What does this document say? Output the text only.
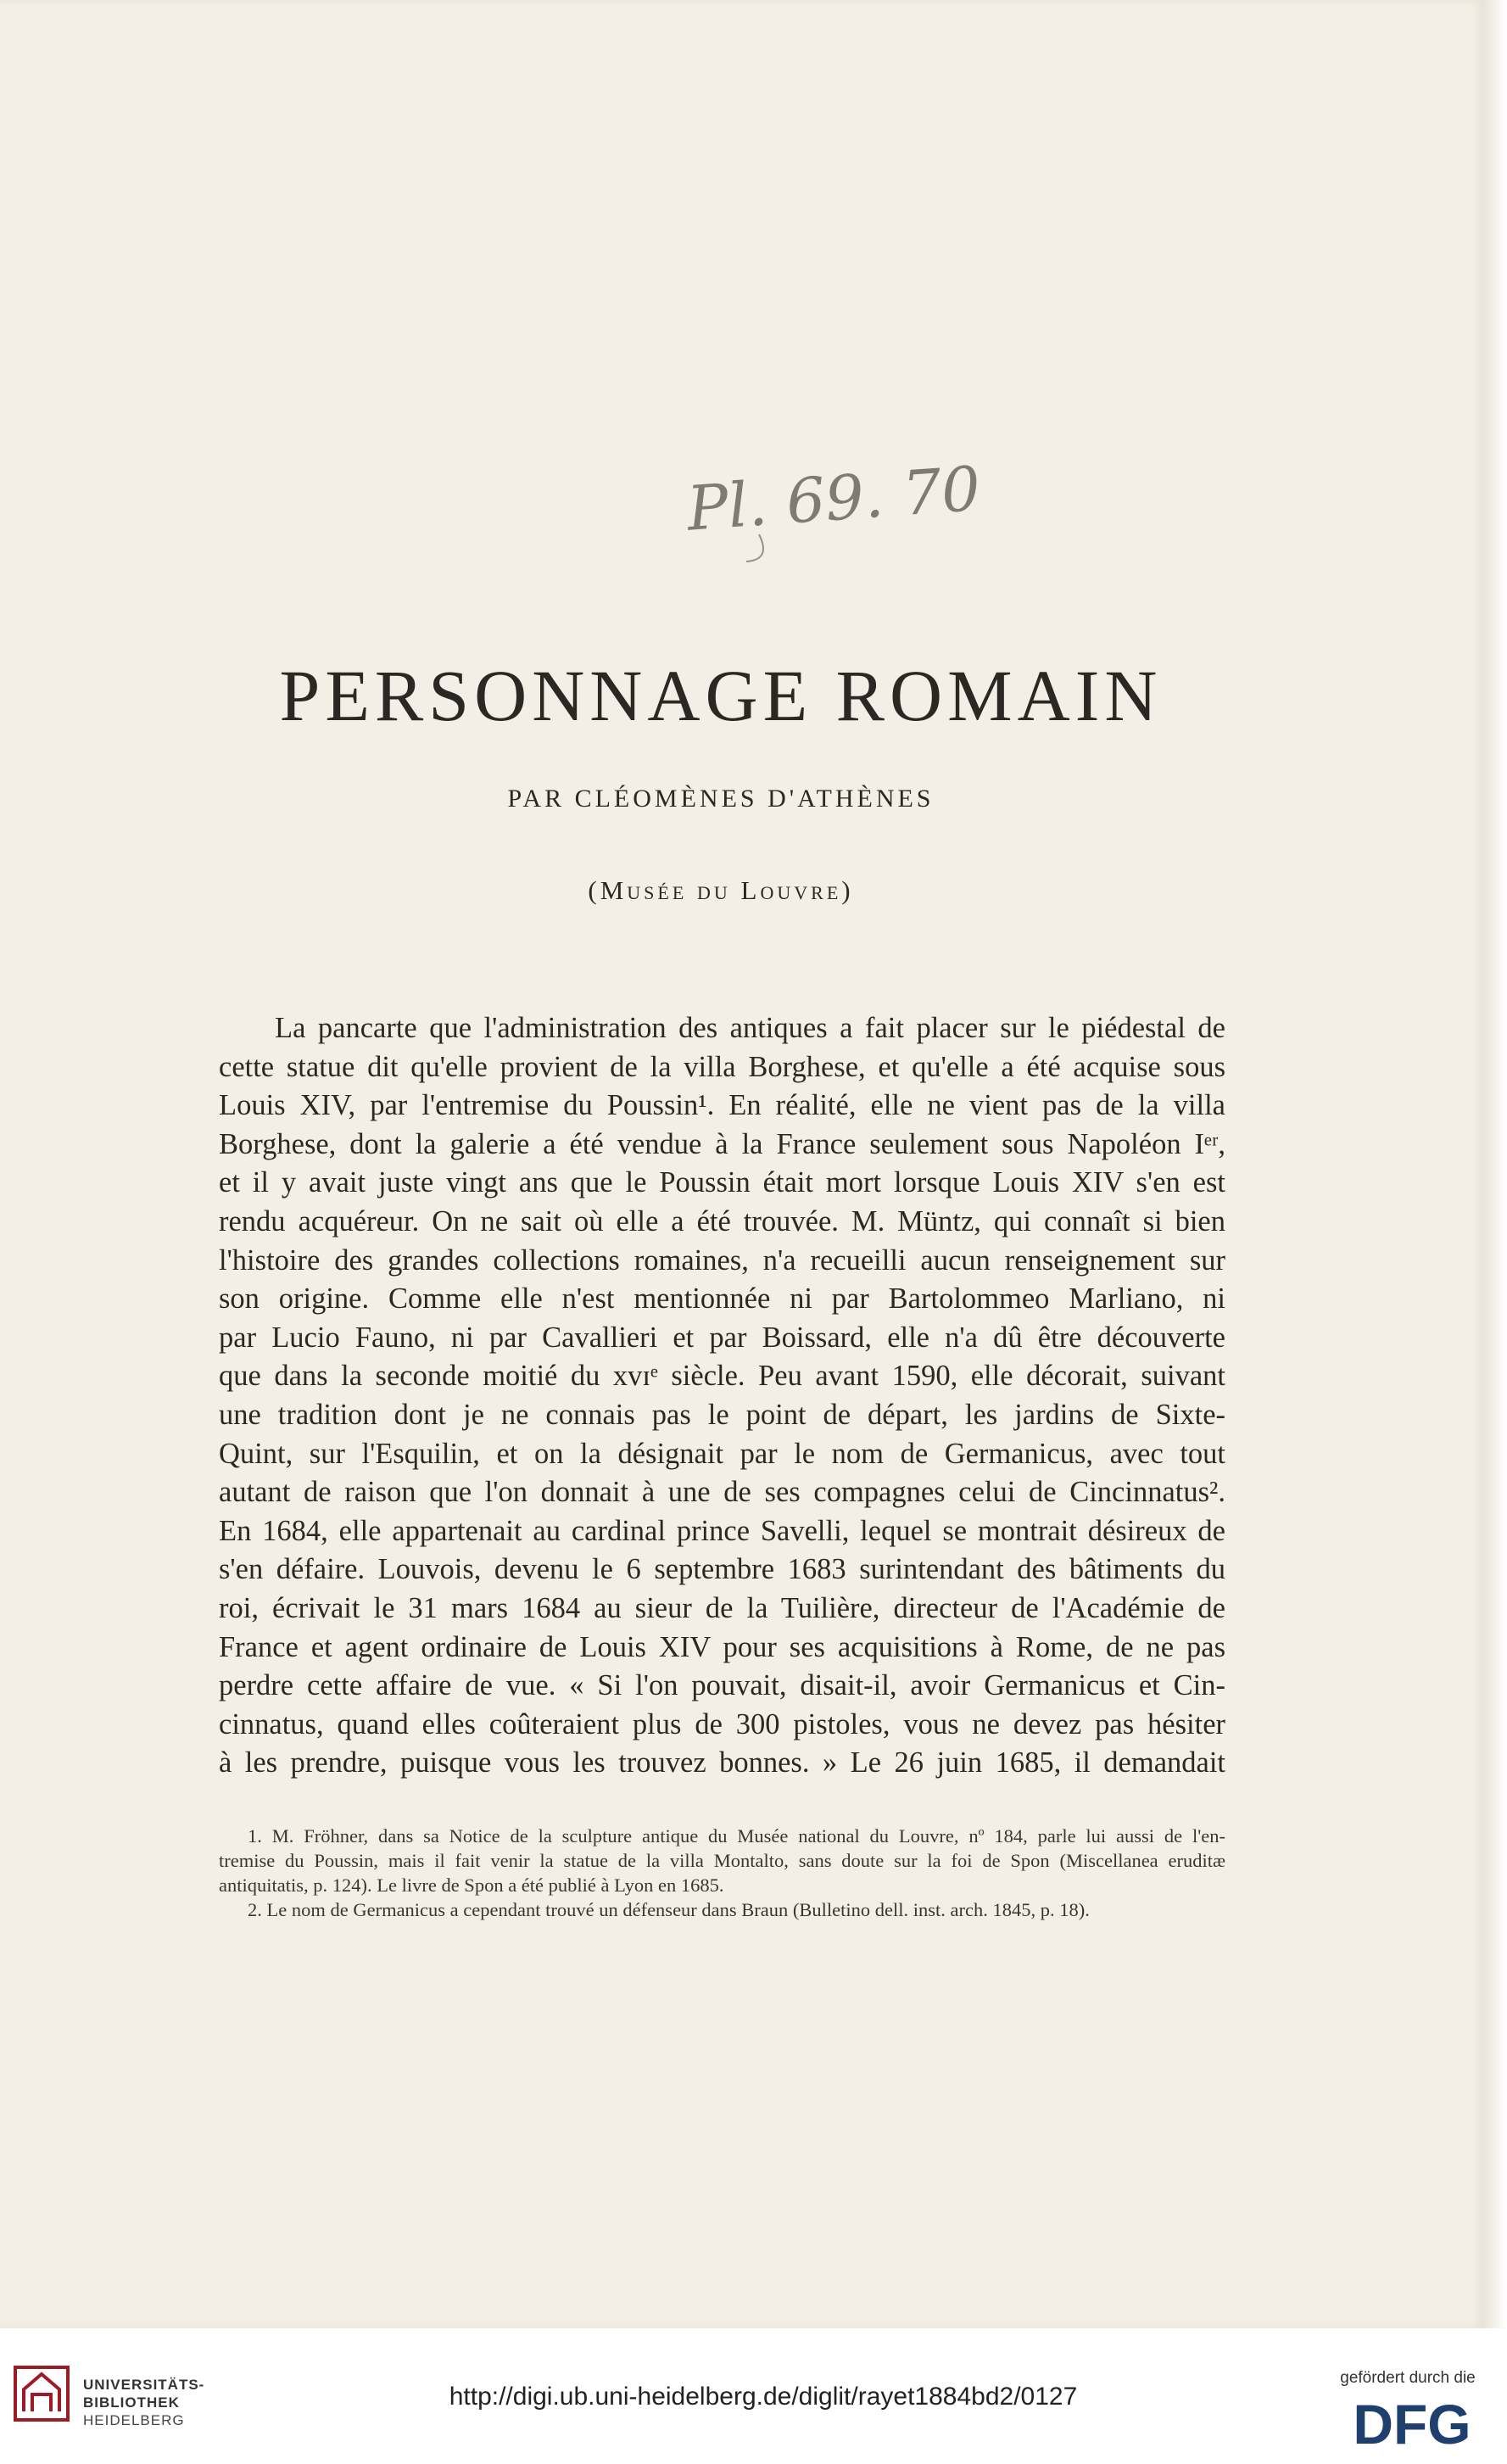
Pl. 69. 70
PERSONNAGE ROMAIN
PAR CLÉOMÈNES D'ATHÈNES
(Musée du Louvre)
La pancarte que l'administration des antiques a fait placer sur le piédestal de
cette statue dit qu'elle provient de la villa Borghese, et qu'elle a été acquise sous
Louis XIV, par l'entremise du Poussin¹. En réalité, elle ne vient pas de la villa
Borghese, dont la galerie a été vendue à la France seulement sous Napoléon Iᵉʳ,
et il y avait juste vingt ans que le Poussin était mort lorsque Louis XIV s'en est
rendu acquéreur. On ne sait où elle a été trouvée. M. Müntz, qui connaît si bien
l'histoire des grandes collections romaines, n'a recueilli aucun renseignement sur
son origine. Comme elle n'est mentionnée ni par Bartolommeo Marliano, ni
par Lucio Fauno, ni par Cavallieri et par Boissard, elle n'a dû être découverte
que dans la seconde moitié du xvɪᵉ siècle. Peu avant 1590, elle décorait, suivant
une tradition dont je ne connais pas le point de départ, les jardins de Sixte-
Quint, sur l'Esquilin, et on la désignait par le nom de Germanicus, avec tout
autant de raison que l'on donnait à une de ses compagnes celui de Cincinnatus².
En 1684, elle appartenait au cardinal prince Savelli, lequel se montrait désireux de
s'en défaire. Louvois, devenu le 6 septembre 1683 surintendant des bâtiments du
roi, écrivait le 31 mars 1684 au sieur de la Tuilière, directeur de l'Académie de
France et agent ordinaire de Louis XIV pour ses acquisitions à Rome, de ne pas
perdre cette affaire de vue. « Si l'on pouvait, disait-il, avoir Germanicus et Cin-
cinnatus, quand elles coûteraient plus de 300 pistoles, vous ne devez pas hésiter
à les prendre, puisque vous les trouvez bonnes. » Le 26 juin 1685, il demandait
1. M. Fröhner, dans sa Notice de la sculpture antique du Musée national du Louvre, nº 184, parle lui aussi de l'en-
tremise du Poussin, mais il fait venir la statue de la villa Montalto, sans doute sur la foi de Spon (Miscellanea eruditæ
antiquitatis, p. 124). Le livre de Spon a été publié à Lyon en 1685.
2. Le nom de Germanicus a cependant trouvé un défenseur dans Braun (Bulletino dell. inst. arch. 1845, p. 18).
UNIVERSITÄTS-
BIBLIOTHEK
HEIDELBERG
http://digi.ub.uni-heidelberg.de/diglit/rayet1884bd2/0127
gefördert durch die
DFG
